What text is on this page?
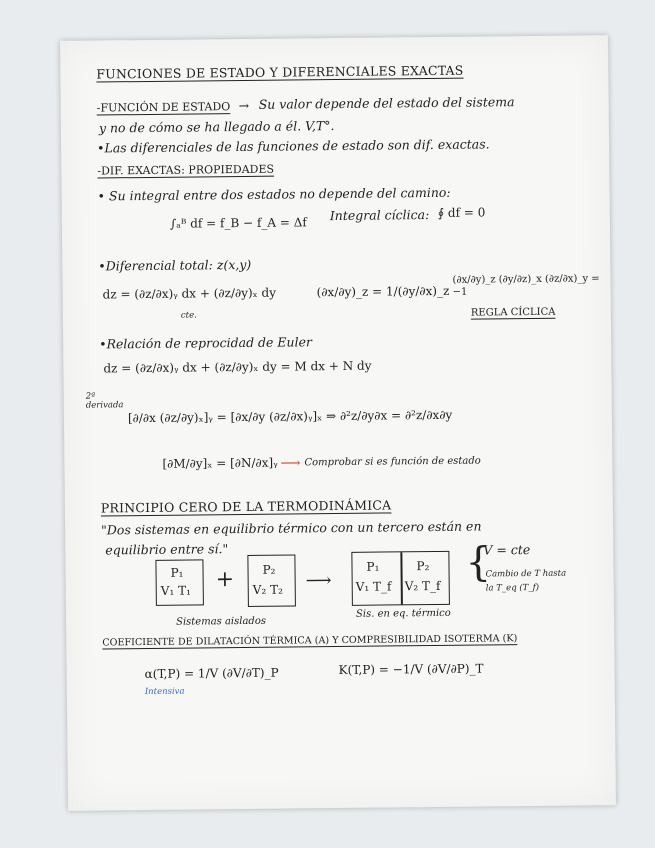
FUNCIONES DE ESTADO Y DIFERENCIALES EXACTAS

-FUNCIÓN DE ESTADO → Su valor depende del estado del sistema

y no de cómo se ha llegado a él. V,T°.

•Las diferenciales de las funciones de estado son dif. exactas.

-DIF. EXACTAS: PROPIEDADES

• Su integral entre dos estados no depende del camino:

∫ₐᴮ df = f_B − f_A = Δf Integral cíclica: ∮ df = 0

•Diferencial total: z(x,y)

dz = (∂z/∂x)ᵧ dx + (∂z/∂y)ₓ dy

cte.

(∂x/∂y)_z = 1/(∂y/∂x)_z

(∂x/∂y)_z (∂y/∂z)_x (∂z/∂x)_y = −1

REGLA CÍCLICA

•Relación de reprocidad de Euler

dz = (∂z/∂x)ᵧ dx + (∂z/∂y)ₓ dy = M dx + N dy

2ª derivada

[∂/∂x (∂z/∂y)ₓ]ᵧ = [∂x/∂y (∂z/∂x)ᵧ]ₓ ⇒ ∂²z/∂y∂x = ∂²z/∂x∂y

[∂M/∂y]ₓ = [∂N/∂x]ᵧ ⟶ Comprobar si es función de estado

PRINCIPIO CERO DE LA TERMODINÁMICA

"Dos sistemas en equilibrio térmico con un tercero están en

equilibrio entre sí."

P₁

V₁ T₁ + P₂

V₂ T₂ ⟶

P₁

V₁ T_f

P₂

V₂ T_f

{

V = cte

Cambio de T hasta

la T_eq (T_f)

Sistemas aislados

Sis. en eq. térmico

COEFICIENTE DE DILATACIÓN TÉRMICA (Α) Y COMPRESIBILIDAD ISOTERMA (K)

α(T,P) = 1/V (∂V/∂T)_P

Intensiva

K(T,P) = −1/V (∂V/∂P)_T
